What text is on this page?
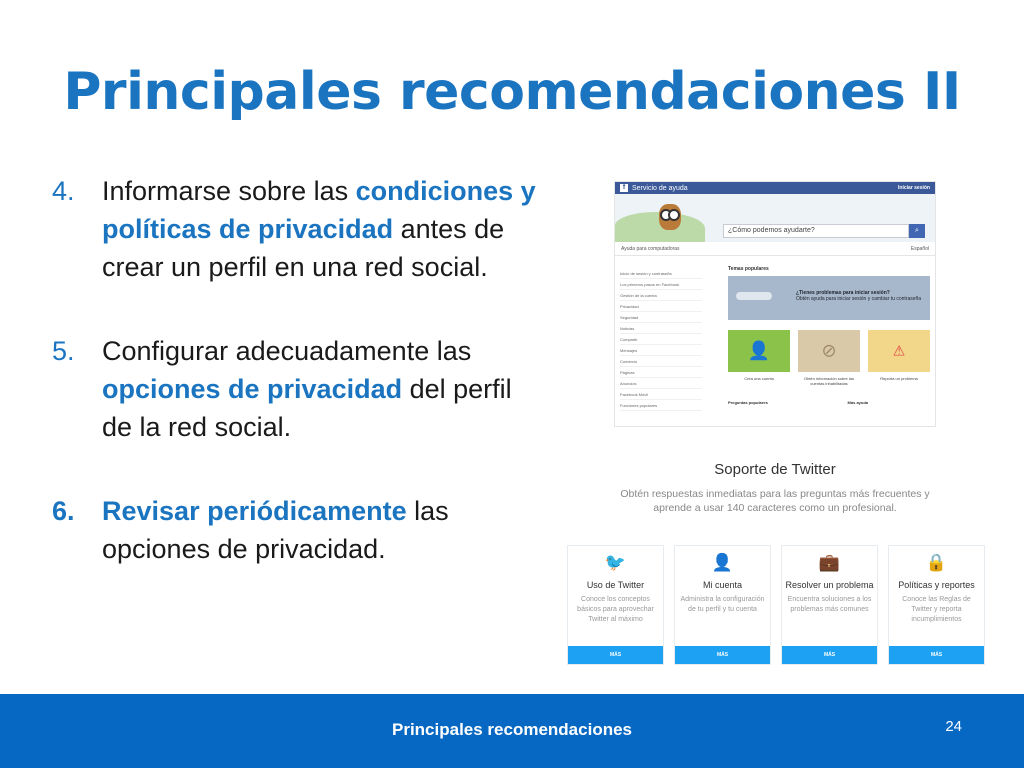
Principales recomendaciones II
4.	Informarse sobre las condiciones y políticas de privacidad antes de crear un perfil en una red social.
5.	Configurar adecuadamente las opciones de privacidad del perfil de la red social.
6.	Revisar periódicamente las opciones de privacidad.
f Servicio de ayuda	Iniciar sesión
¿Cómo podemos ayudarte?	⌕
Ayuda para computadoras	Español
Inicio de sesión y contraseña
Los primeros pasos en Facebook
Gestión de la cuenta
Privacidad
Seguridad
Noticias
Compartir
Mensajes
Comercio
Páginas
Anuncios
Facebook Móvil
Funciones populares
Temas populares
¿Tienes problemas para iniciar sesión?
Obtén ayuda para iniciar sesión y cambiar tu contraseña
👤	⊘	⚠
Crea una cuenta	Obtén información sobre las cuentas inhabilitadas
Reporta un problema
Preguntas populares	Más ayuda
Soporte de Twitter
Obtén respuestas inmediatas para las preguntas más frecuentes y aprende a usar 140 caracteres como un profesional.
🐦
Uso de Twitter
Conoce los conceptos básicos para aprovechar Twitter al máximo
MÁS
👤
Mi cuenta
Administra la configuración de tu perfil y tu cuenta
MÁS
💼
Resolver un problema
Encuentra soluciones a los problemas más comunes
MÁS
🔒
Políticas y reportes
Conoce las Reglas de Twitter y reporta incumplimientos
MÁS
Principales recomendaciones	24
